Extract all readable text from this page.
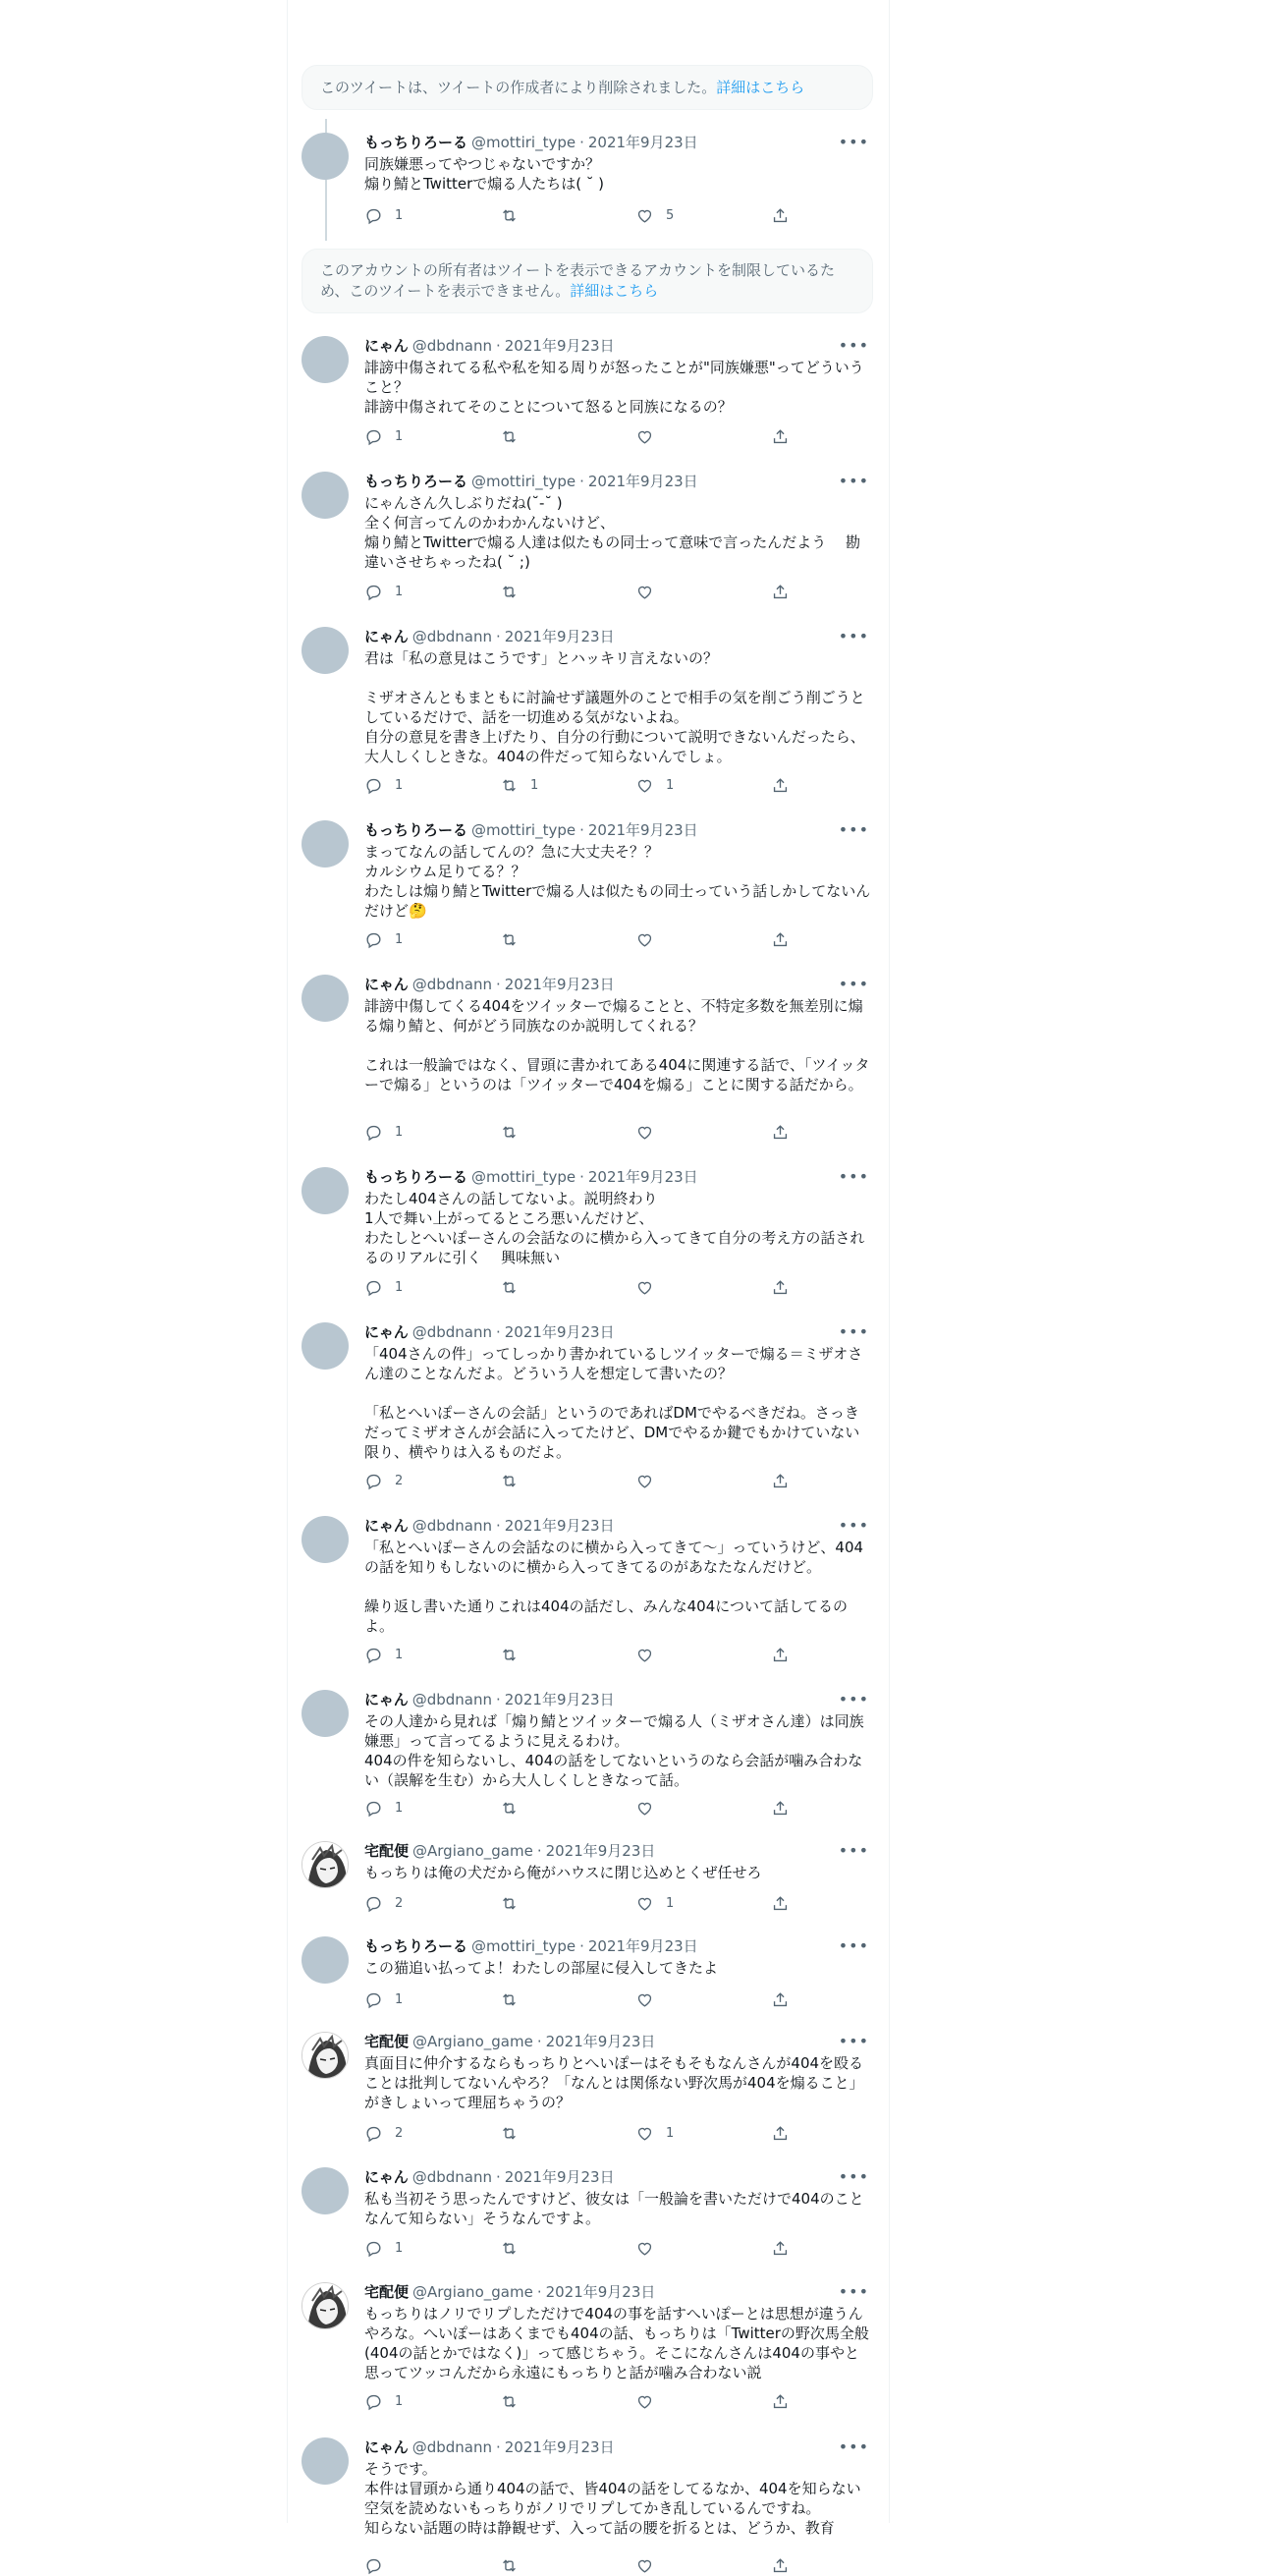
このツイートは、ツイートの作成者により削除されました。詳細はこちら
このアカウントの所有者はツイートを表示できるアカウントを制限しているため、このツイートを表示できません。詳細はこちら
もっちりろーる @mottiri_type · 2021年9月23日	•••
同族嫌悪ってやつじゃないですか？
煽り鯖とTwitterで煽る人たちは( ˘ )
1	5
にゃん @dbdnann · 2021年9月23日	•••
誹謗中傷されてる私や私を知る周りが怒ったことが"同族嫌悪"ってどういうこと？
誹謗中傷されてそのことについて怒ると同族になるの？
1
もっちりろーる @mottiri_type · 2021年9月23日	•••
にゃんさん久しぶりだね(˘-˘ )
全く何言ってんのかわかんないけど、
煽り鯖とTwitterで煽る人達は似たもの同士って意味で言ったんだよう　 勘違いさせちゃったね( ˘ ;)
1
にゃん @dbdnann · 2021年9月23日	•••
君は「私の意見はこうです」とハッキリ言えないの？

ミザオさんともまともに討論せず議題外のことで相手の気を削ごう削ごうとしているだけで、話を一切進める気がないよね。
自分の意見を書き上げたり、自分の行動について説明できないんだったら、大人しくしときな。404の件だって知らないんでしょ。
1	1	1
もっちりろーる @mottiri_type · 2021年9月23日	•••
まってなんの話してんの？急に大丈夫そ？？
カルシウム足りてる？？
わたしは煽り鯖とTwitterで煽る人は似たもの同士っていう話しかしてないんだけど🤔
1
にゃん @dbdnann · 2021年9月23日	•••
誹謗中傷してくる404をツイッターで煽ることと、不特定多数を無差別に煽る煽り鯖と、何がどう同族なのか説明してくれる？

これは一般論ではなく、冒頭に書かれてある404に関連する話で、「ツイッターで煽る」というのは「ツイッターで404を煽る」ことに関する話だから。
1
もっちりろーる @mottiri_type · 2021年9月23日	•••
わたし404さんの話してないよ。説明終わり
1人で舞い上がってるところ悪いんだけど、
わたしとへいぽーさんの会話なのに横から入ってきて自分の考え方の話されるのリアルに引く　 興味無い
1
にゃん @dbdnann · 2021年9月23日	•••
「404さんの件」ってしっかり書かれているしツイッターで煽る＝ミザオさん達のことなんだよ。どういう人を想定して書いたの？

「私とへいぽーさんの会話」というのであればDMでやるべきだね。さっきだってミザオさんが会話に入ってたけど、DMでやるか鍵でもかけていない限り、横やりは入るものだよ。
2
にゃん @dbdnann · 2021年9月23日	•••
「私とへいぽーさんの会話なのに横から入ってきて～」っていうけど、404の話を知りもしないのに横から入ってきてるのがあなたなんだけど。

繰り返し書いた通りこれは404の話だし、みんな404について話してるのよ。
1
にゃん @dbdnann · 2021年9月23日	•••
その人達から見れば「煽り鯖とツイッターで煽る人（ミザオさん達）は同族嫌悪」って言ってるように見えるわけ。
404の件を知らないし、404の話をしてないというのなら会話が噛み合わない（誤解を生む）から大人しくしときなって話。
1
宅配便 @Argiano_game · 2021年9月23日	•••
もっちりは俺の犬だから俺がハウスに閉じ込めとくぜ任せろ
2	1
もっちりろーる @mottiri_type · 2021年9月23日	•••
この猫追い払ってよ！わたしの部屋に侵入してきたよ
1
宅配便 @Argiano_game · 2021年9月23日	•••
真面目に仲介するならもっちりとへいぽーはそもそもなんさんが404を殴ることは批判してないんやろ？「なんとは関係ない野次馬が404を煽ること」がきしょいって理屈ちゃうの？
2	1
にゃん @dbdnann · 2021年9月23日	•••
私も当初そう思ったんですけど、彼女は「一般論を書いただけで404のことなんて知らない」そうなんですよ。
1
宅配便 @Argiano_game · 2021年9月23日	•••
もっちりはノリでリプしただけで404の事を話すへいぽーとは思想が違うんやろな。へいぽーはあくまでも404の話、もっちりは「Twitterの野次馬全般(404の話とかではなく)」って感じちゃう。そこになんさんは404の事やと思ってツッコんだから永遠にもっちりと話が噛み合わない説
1
にゃん @dbdnann · 2021年9月23日	•••
そうです。
本件は冒頭から通り404の話で、皆404の話をしてるなか、404を知らない空気を読めないもっちりがノリでリプしてかき乱しているんですね。
知らない話題の時は静観せず、入って話の腰を折るとは、どうか、教育
